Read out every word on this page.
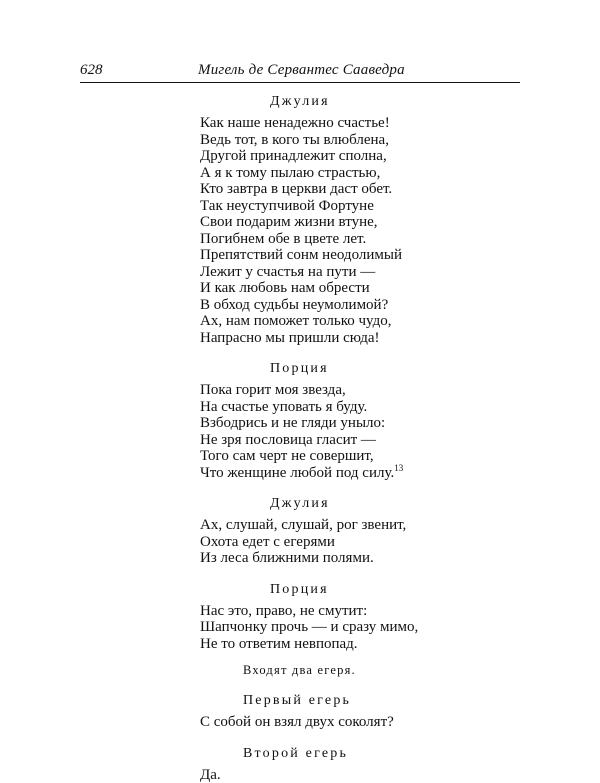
628	Мигель де Сервантес Сааведра
Джулия
Как наше ненадежно счастье!
Ведь тот, в кого ты влюблена,
Другой принадлежит сполна,
А я к тому пылаю страстью,
Кто завтра в церкви даст обет.
Так неуступчивой Фортуне
Свои подарим жизни втуне,
Погибнем обе в цвете лет.
Препятствий сонм неодолимый
Лежит у счастья на пути —
И как любовь нам обрести
В обход судьбы неумолимой?
Ах, нам поможет только чудо,
Напрасно мы пришли сюда!
Порция
Пока горит моя звезда,
На счастье уповать я буду.
Взбодрись и не гляди уныло:
Не зря пословица гласит —
Того сам черт не совершит,
Что женщине любой под силу.$^{13}$
Джулия
Ах, слушай, слушай, рог звенит,
Охота едет с егерями
Из леса ближними полями.
Порция
Нас это, право, не смутит:
Шапчонку прочь — и сразу мимо,
Не то ответим невпопад.
Входят два егеря.
Первый егерь
С собой он взял двух соколят?
Второй егерь
Да.
